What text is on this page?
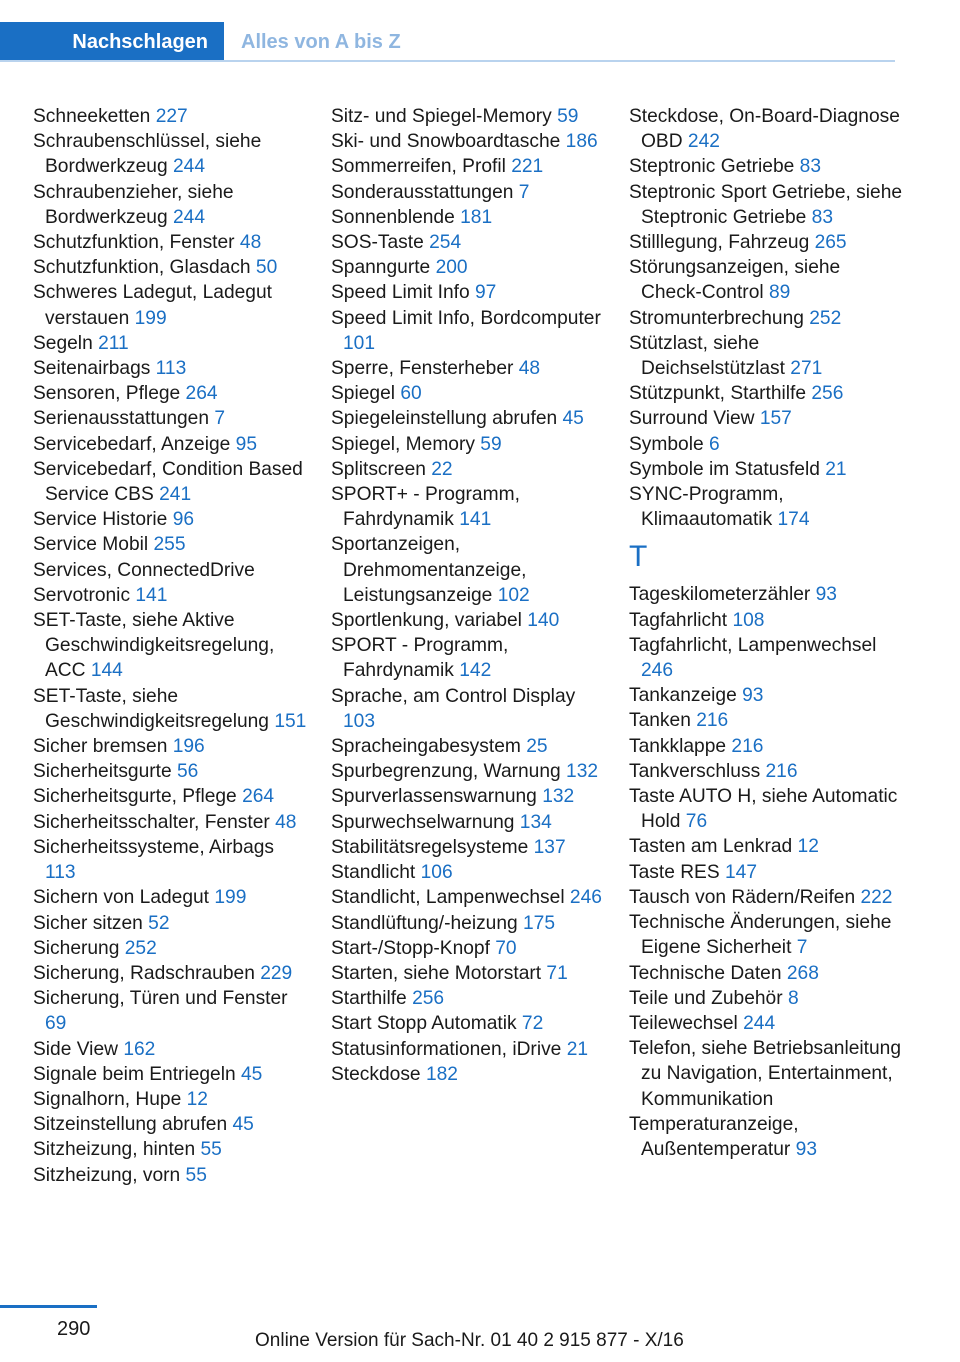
Nachschlagen	Alles von A bis Z
Schneeketten 227
Schraubenschlüssel, siehe Bordwerkzeug 244
Schraubenzieher, siehe Bordwerkzeug 244
Schutzfunktion, Fenster 48
Schutzfunktion, Glasdach 50
Schweres Ladegut, Ladegut verstauen 199
Segeln 211
Seitenairbags 113
Sensoren, Pflege 264
Serienausstattungen 7
Servicebedarf, Anzeige 95
Servicebedarf, Condition Based Service CBS 241
Service Historie 96
Service Mobil 255
Services, ConnectedDrive
Servotronic 141
SET-Taste, siehe Aktive Geschwindigkeitsregelung, ACC 144
SET-Taste, siehe Geschwindigkeitsregelung 151
Sicher bremsen 196
Sicherheitsgurte 56
Sicherheitsgurte, Pflege 264
Sicherheitsschalter, Fenster 48
Sicherheitssysteme, Airbags 113
Sichern von Ladegut 199
Sicher sitzen 52
Sicherung 252
Sicherung, Radschrauben 229
Sicherung, Türen und Fenster 69
Side View 162
Signale beim Entriegeln 45
Signalhorn, Hupe 12
Sitzeinstellung abrufen 45
Sitzheizung, hinten 55
Sitzheizung, vorn 55
Sitz- und Spiegel-Memory 59
Ski- und Snowboardtasche 186
Sommerreifen, Profil 221
Sonderausstattungen 7
Sonnenblende 181
SOS-Taste 254
Spanngurte 200
Speed Limit Info 97
Speed Limit Info, Bordcomputer 101
Sperre, Fensterheber 48
Spiegel 60
Spiegeleinstellung abrufen 45
Spiegel, Memory 59
Splitscreen 22
SPORT+ - Programm, Fahrdynamik 141
Sportanzeigen, Drehmomentanzeige, Leistungsanzeige 102
Sportlenkung, variabel 140
SPORT - Programm, Fahrdynamik 142
Sprache, am Control Display 103
Spracheingabesystem 25
Spurbegrenzung, Warnung 132
Spurverlassenswarnung 132
Spurwechselwarnung 134
Stabilitätsregelsysteme 137
Standlicht 106
Standlicht, Lampenwechsel 246
Standlüftung/-heizung 175
Start-/Stopp-Knopf 70
Starten, siehe Motorstart 71
Starthilfe 256
Start Stopp Automatik 72
Statusinformationen, iDrive 21
Steckdose 182
Steckdose, On-Board-Diagnose OBD 242
Steptronic Getriebe 83
Steptronic Sport Getriebe, siehe Steptronic Getriebe 83
Stilllegung, Fahrzeug 265
Störungsanzeigen, siehe Check-Control 89
Stromunterbrechung 252
Stützlast, siehe Deichselstützlast 271
Stützpunkt, Starthilfe 256
Surround View 157
Symbole 6
Symbole im Statusfeld 21
SYNC-Programm, Klimaautomatik 174
T
Tageskilometerzähler 93
Tagfahrlicht 108
Tagfahrlicht, Lampenwechsel 246
Tankanzeige 93
Tanken 216
Tankklappe 216
Tankverschluss 216
Taste AUTO H, siehe Automatic Hold 76
Tasten am Lenkrad 12
Taste RES 147
Tausch von Rädern/Reifen 222
Technische Änderungen, siehe Eigene Sicherheit 7
Technische Daten 268
Teile und Zubehör 8
Teilewechsel 244
Telefon, siehe Betriebsanleitung zu Navigation, Entertainment, Kommunikation
Temperaturanzeige, Außentemperatur 93
290
Online Version für Sach-Nr. 01 40 2 915 877 - X/16
